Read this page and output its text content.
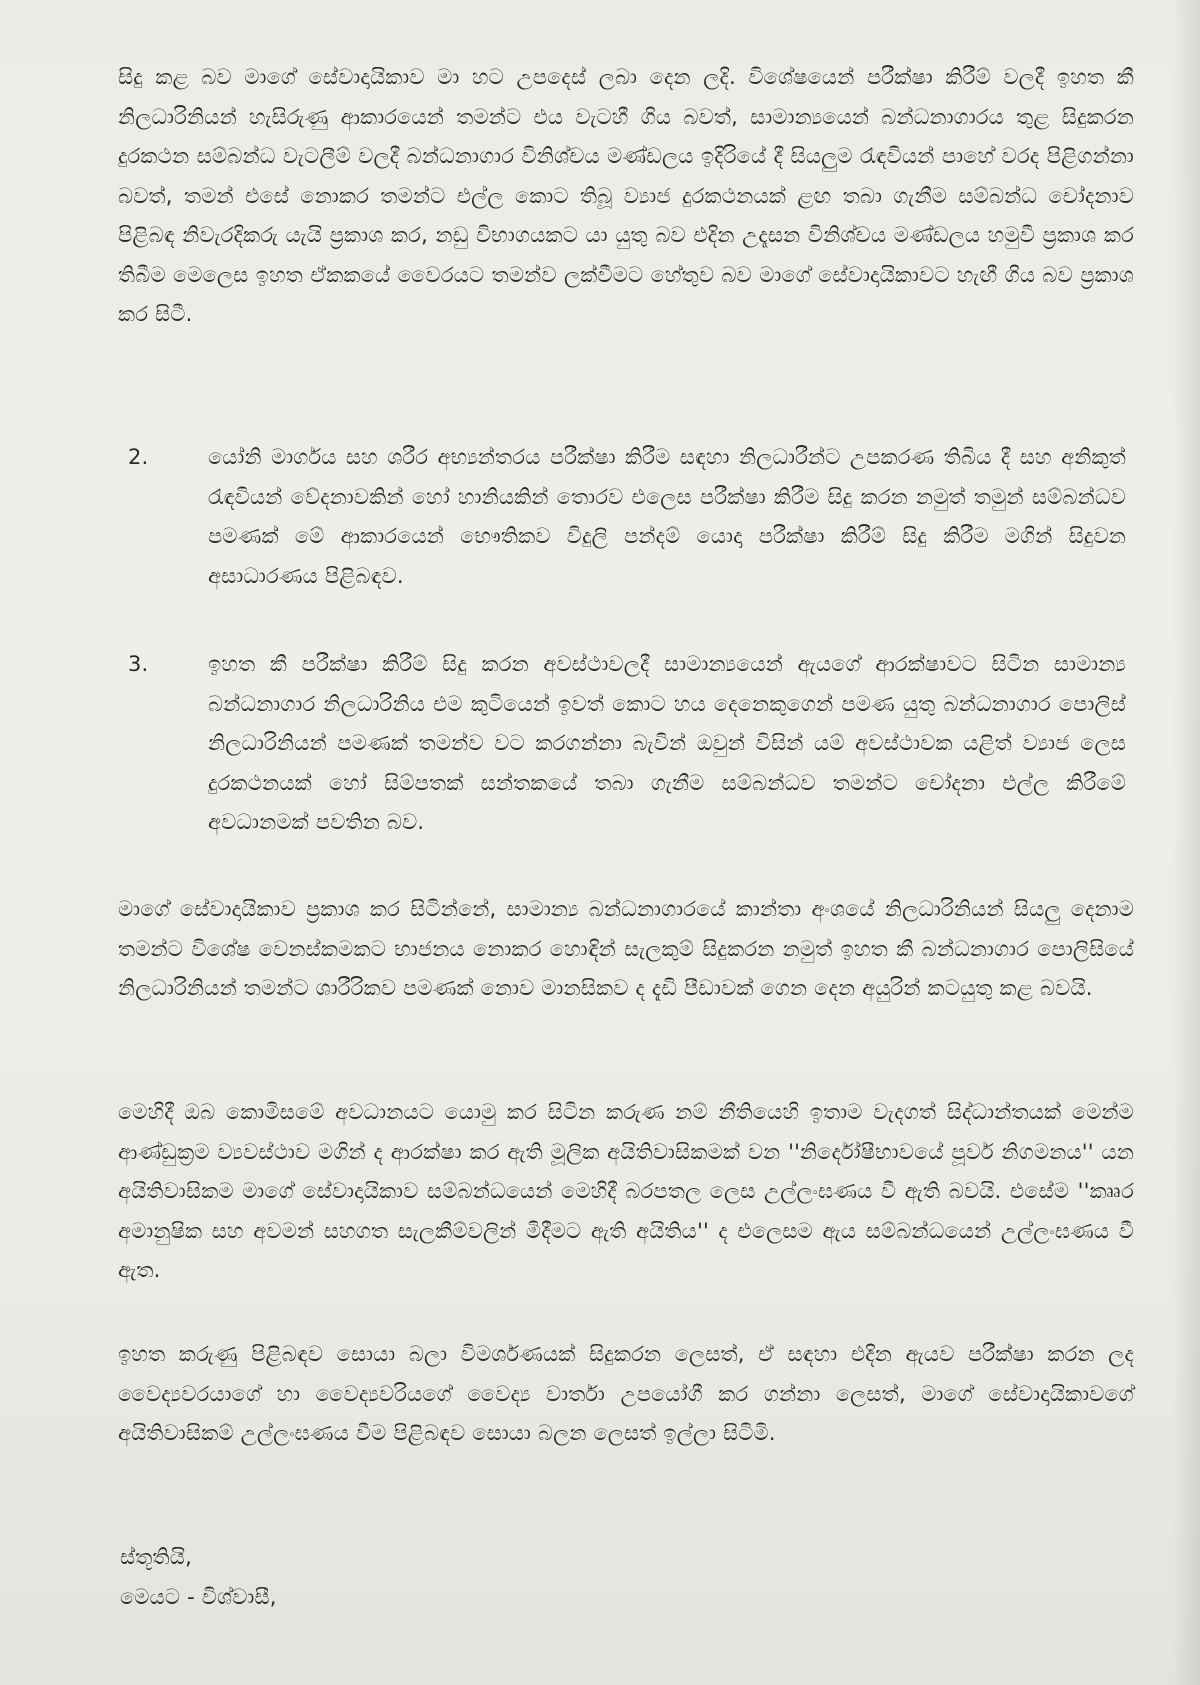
සිදු කළ බව මාගේ සේවාදායිකාව මා හට උපදෙස් ලබා දෙන ලදි. විශේෂයෙන් පරීක්ෂා කිරීම් වලදී ඉහත කී නිලධාරිනියන් හැසිරුණු ආකාරයෙන් තමන්ට එය වැටහී ගිය බවත්, සාමාන්‍යයෙන් බන්ධනාගාරය තුළ සිදුකරන දුරකථන සම්බන්ධ වැටලීම් වලදී බන්ධනාගාර විනිශ්චය මණ්ඩලය ඉදිරියේ දී සියලුම රැඳවියන් පාහේ වරද පිළිගන්නා බවත්, තමන් එසේ නොකර තමන්ට එල්ල කොට තිබූ ව්‍යාජ දුරකථනයක් ළඟ තබා ගැනීම සම්බන්ධ චෝදනාව පිළිබඳ නිවැරදිකරු යැයි ප්‍රකාශ කර, නඩු විභාගයකට යා යුතු බව එදින උදෑසන විනිශ්චය මණ්ඩලය හමුවී ප්‍රකාශ කර තිබීම මෙලෙස ඉහත ඒකකයේ වෛරයට තමන්ව ලක්වීමට හේතුව බව මාගේ සේවාදායිකාවට හැඟී ගිය බව ප්‍රකාශ කර සිටී.
2.	යෝනි මාර්ගය සහ ශරීර අභ්‍යන්තරය පරීක්ෂා කිරීම සඳහා නිලධාරීන්ට උපකරණ තිබිය දී සහ අනිකුත් රැඳවියන් වේදනාවකින් හෝ හානියකින් තොරව එලෙස පරීක්ෂා කිරීම සිදු කරන නමුත් තමුන් සම්බන්ධව පමණක් මේ ආකාරයෙන් භෞතිකව විදුලි පන්දම් යොදා පරීක්ෂා කිරීම් සිදු කිරීම මගින් සිදුවන අසාධාරණය පිළිබඳව.
3.	ඉහත කී පරීක්ෂා කිරීම් සිදු කරන අවස්ථාවලදී සාමාන්‍යයෙන් ඇයගේ ආරක්ෂාවට සිටින සාමාන්‍ය බන්ධනාගාර නිලධාරිනිය එම කුටියෙන් ඉවත් කොට හය දෙනෙකුගෙන් පමණ යුතු බන්ධනාගාර පොලිස් නිලධාරිනියන් පමණක් තමන්ව වට කරගන්නා බැවින් ඔවුන් විසින් යම් අවස්ථාවක යළිත් ව්‍යාජ ලෙස දුරකථනයක් හෝ සිම්පතක් සන්තකයේ තබා ගැනීම සම්බන්ධව තමන්ට චෝදනා එල්ල කිරීමේ අවධානමක් පවතින බව.
මාගේ සේවාදායිකාව ප්‍රකාශ කර සිටින්නේ, සාමාන්‍ය බන්ධනාගාරයේ කාන්තා අංශයේ නිලධාරිනියන් සියලු දෙනාම තමන්ට විශේෂ වෙනස්කමකට භාජනය නොකර හොඳින් සැලකුම් සිදුකරන නමුත් ඉහත කී බන්ධනාගාර පොලිසියේ නිලධාරිනියන් තමන්ට ශාරීරිකව පමණක් නොව මානසිකව ද දැඩි පීඩාවක් ගෙන දෙන අයුරින් කටයුතු කළ බවයි.
මෙහිදී ඔබ කොමිසමේ අවධානයට යොමු කර සිටින කරුණ නම් නීතියෙහි ඉතාම වැදගත් සිද්ධාන්තයක් මෙන්ම ආණ්ඩුක්‍රම ව්‍යවස්ථාව මගින් ද ආරක්ෂා කර ඇති මූලික අයිතිවාසිකමක් වන ''නිර්දෝෂීභාවයේ පූර්ව නිගමනය'' යන අයිතිවාසිකම මාගේ සේවාදායිකාව සම්බන්ධයෙන් මෙහිදී බරපතල ලෙස උල්ලංඝණය වී ඇති බවයි. එසේම ''කෲර අමානුෂික සහ අවමන් සහගත සැලකීම්වලින් මිදීමට ඇති අයිතිය'' ද එලෙසම ඇය සම්බන්ධයෙන් උල්ලංඝණය වී ඇත.
ඉහත කරුණු පිළිබඳව සොයා බලා විමර්ශණයක් සිදුකරන ලෙසත්, ඒ සඳහා එදින ඇයව පරීක්ෂා කරන ලද වෛද්‍යවරයාගේ හා වෛද්‍යවරියගේ වෛද්‍ය වාර්තා උපයෝගී කර ගන්නා ලෙසත්, මාගේ සේවාදායිකාවගේ අයිතිවාසිකම් උල්ලංඝණය වීම පිළිබඳව සොයා බලන ලෙසත් ඉල්ලා සිටිමි.
ස්තූතියි,
මෙයට - විශ්වාසී,
